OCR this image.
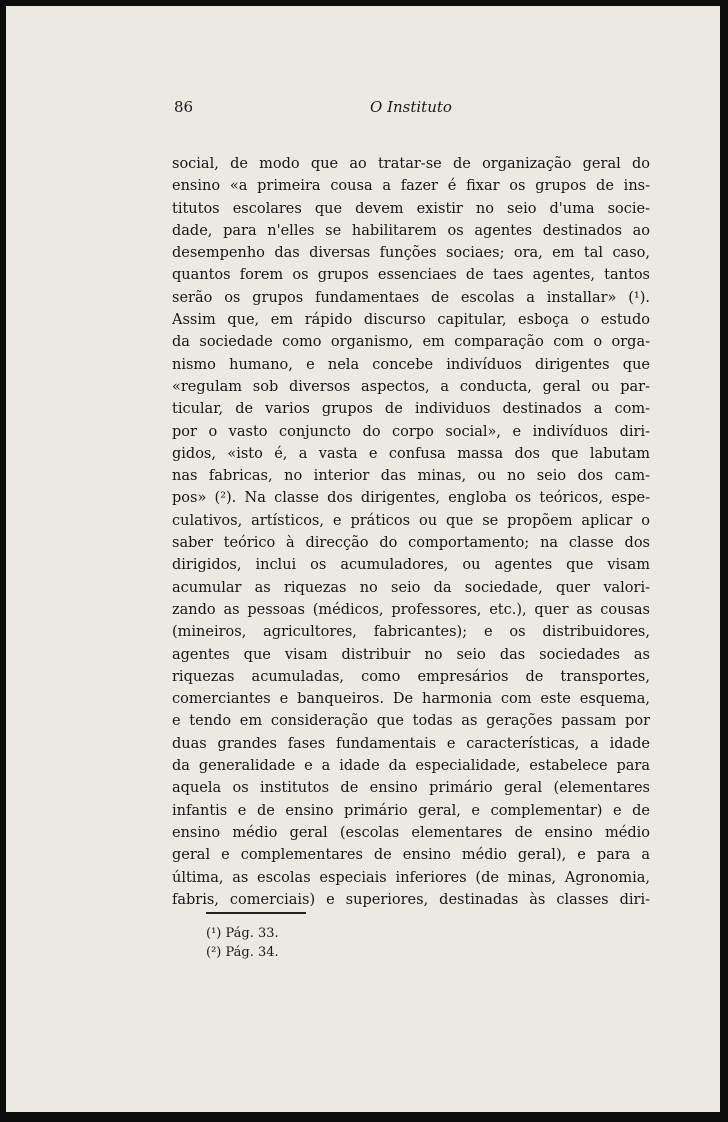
86	O Instituto
social, de modo que ao tratar-se de organização geral do
ensino «a primeira cousa a fazer é fixar os grupos de ins-
titutos escolares que devem existir no seio d'uma socie-
dade, para n'elles se habilitarem os agentes destinados ao
desempenho das diversas funções sociaes; ora, em tal caso,
quantos forem os grupos essenciaes de taes agentes, tantos
serão os grupos fundamentaes de escolas a installar» (¹).
Assim que, em rápido discurso capitular, esboça o estudo
da sociedade como organismo, em comparação com o orga-
nismo humano, e nela concebe indivíduos dirigentes que
«regulam sob diversos aspectos, a conducta, geral ou par-
ticular, de varios grupos de individuos destinados a com-
por o vasto conjuncto do corpo social», e indivíduos diri-
gidos, «isto é, a vasta e confusa massa dos que labutam
nas fabricas, no interior das minas, ou no seio dos cam-
pos» (²). Na classe dos dirigentes, engloba os teóricos, espe-
culativos, artísticos, e práticos ou que se propõem aplicar o
saber teórico à direcção do comportamento; na classe dos
dirigidos, inclui os acumuladores, ou agentes que visam
acumular as riquezas no seio da sociedade, quer valori-
zando as pessoas (médicos, professores, etc.), quer as cousas
(mineiros, agricultores, fabricantes); e os distribuidores,
agentes que visam distribuir no seio das sociedades as
riquezas acumuladas, como empresários de transportes,
comerciantes e banqueiros. De harmonia com este esquema,
e tendo em consideração que todas as gerações passam por
duas grandes fases fundamentais e características, a idade
da generalidade e a idade da especialidade, estabelece para
aquela os institutos de ensino primário geral (elementares
infantis e de ensino primário geral, e complementar) e de
ensino médio geral (escolas elementares de ensino médio
geral e complementares de ensino médio geral), e para a
última, as escolas especiais inferiores (de minas, Agronomia,
fabris, comerciais) e superiores, destinadas às classes diri-
(¹) Pág. 33.
(²) Pág. 34.
